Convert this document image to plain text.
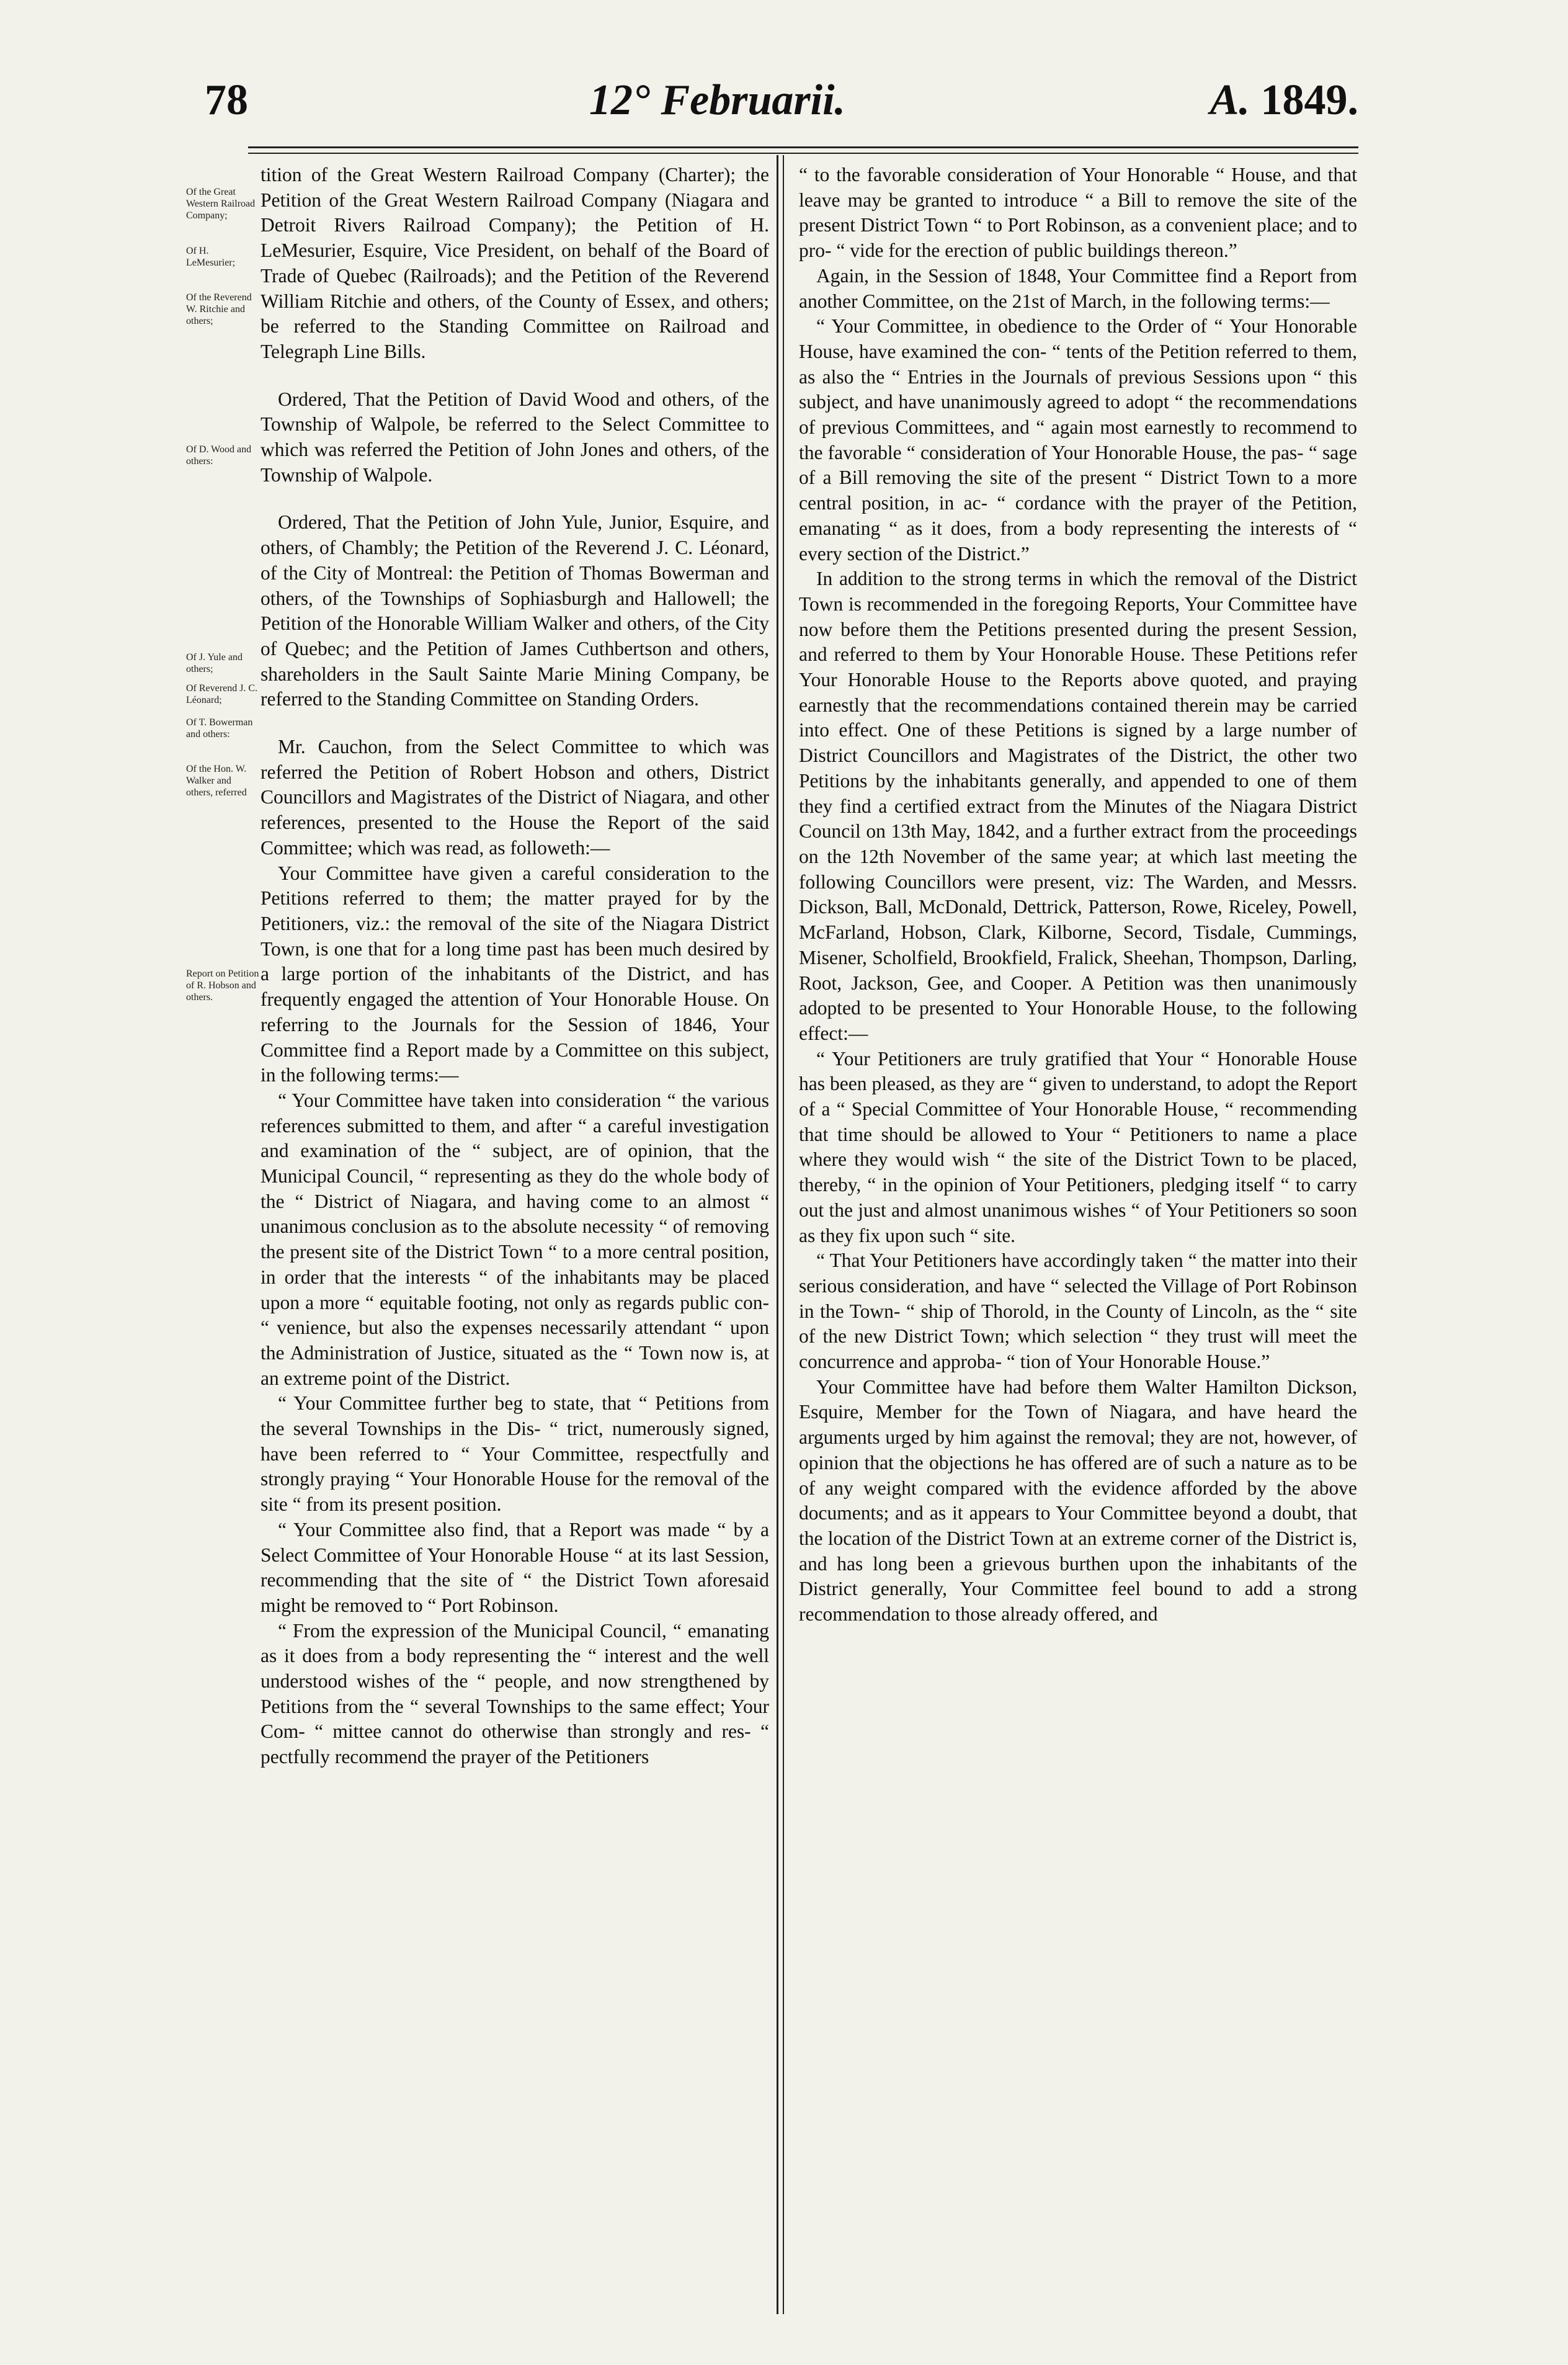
78	12° Februarii.	A. 1849.
Of the Great Western Railroad Company;
Of H. LeMesurier;
Of the Reverend W. Ritchie and others;
Of D. Wood and others:
Of J. Yule and others;
Of Reverend J. C. Léonard;
Of T. Bowerman and others:
Of the Hon. W. Walker and others, referred
Report on Petition of R. Hobson and others.

tition of the Great Western Railroad Company (Charter); the Petition of the Great Western Railroad Company (Niagara and Detroit Rivers Railroad Company); the Petition of H. LeMesurier, Esquire, Vice President, on behalf of the Board of Trade of Quebec (Railroads); and the Petition of the Reverend William Ritchie and others, of the County of Essex, and others; be referred to the Standing Committee on Railroad and Telegraph Line Bills.

Ordered, That the Petition of David Wood and others, of the Township of Walpole, be referred to the Select Committee to which was referred the Petition of John Jones and others, of the Township of Walpole.

Ordered, That the Petition of John Yule, Junior, Esquire, and others, of Chambly; the Petition of the Reverend J. C. Léonard, of the City of Montreal: the Petition of Thomas Bowerman and others, of the Townships of Sophiasburgh and Hallowell; the Petition of the Honorable William Walker and others, of the City of Quebec; and the Petition of James Cuthbertson and others, shareholders in the Sault Sainte Marie Mining Company, be referred to the Standing Committee on Standing Orders.

Mr. Cauchon, from the Select Committee to which was referred the Petition of Robert Hobson and others, District Councillors and Magistrates of the District of Niagara, and other references, presented to the House the Report of the said Committee; which was read, as followeth:—

Your Committee have given a careful consideration to the Petitions referred to them; the matter prayed for by the Petitioners, viz.: the removal of the site of the Niagara District Town, is one that for a long time past has been much desired by a large portion of the inhabitants of the District, and has frequently engaged the attention of Your Honorable House. On referring to the Journals for the Session of 1846, Your Committee find a Report made by a Committee on this subject, in the following terms:—

“ Your Committee have taken into consideration “ the various references submitted to them, and after “ a careful investigation and examination of the “ subject, are of opinion, that the Municipal Council, “ representing as they do the whole body of the “ District of Niagara, and having come to an almost “ unanimous conclusion as to the absolute necessity “ of removing the present site of the District Town “ to a more central position, in order that the interests “ of the inhabitants may be placed upon a more “ equitable footing, not only as regards public con- “ venience, but also the expenses necessarily attendant “ upon the Administration of Justice, situated as the “ Town now is, at an extreme point of the District.

“ Your Committee further beg to state, that “ Petitions from the several Townships in the Dis- “ trict, numerously signed, have been referred to “ Your Committee, respectfully and strongly praying “ Your Honorable House for the removal of the site “ from its present position.

“ Your Committee also find, that a Report was made “ by a Select Committee of Your Honorable House “ at its last Session, recommending that the site of “ the District Town aforesaid might be removed to “ Port Robinson.

“ From the expression of the Municipal Council, “ emanating as it does from a body representing the “ interest and the well understood wishes of the “ people, and now strengthened by Petitions from the “ several Townships to the same effect; Your Com- “ mittee cannot do otherwise than strongly and res- “ pectfully recommend the prayer of the Petitioners

“ to the favorable consideration of Your Honorable “ House, and that leave may be granted to introduce “ a Bill to remove the site of the present District Town “ to Port Robinson, as a convenient place; and to pro- “ vide for the erection of public buildings thereon.”

Again, in the Session of 1848, Your Committee find a Report from another Committee, on the 21st of March, in the following terms:—

“ Your Committee, in obedience to the Order of “ Your Honorable House, have examined the con- “ tents of the Petition referred to them, as also the “ Entries in the Journals of previous Sessions upon “ this subject, and have unanimously agreed to adopt “ the recommendations of previous Committees, and “ again most earnestly to recommend to the favorable “ consideration of Your Honorable House, the pas- “ sage of a Bill removing the site of the present “ District Town to a more central position, in ac- “ cordance with the prayer of the Petition, emanating “ as it does, from a body representing the interests of “ every section of the District.”

In addition to the strong terms in which the removal of the District Town is recommended in the foregoing Reports, Your Committee have now before them the Petitions presented during the present Session, and referred to them by Your Honorable House. These Petitions refer Your Honorable House to the Reports above quoted, and praying earnestly that the recommendations contained therein may be carried into effect. One of these Petitions is signed by a large number of District Councillors and Magistrates of the District, the other two Petitions by the inhabitants generally, and appended to one of them they find a certified extract from the Minutes of the Niagara District Council on 13th May, 1842, and a further extract from the proceedings on the 12th November of the same year; at which last meeting the following Councillors were present, viz: The Warden, and Messrs. Dickson, Ball, McDonald, Dettrick, Patterson, Rowe, Riceley, Powell, McFarland, Hobson, Clark, Kilborne, Secord, Tisdale, Cummings, Misener, Scholfield, Brookfield, Fralick, Sheehan, Thompson, Darling, Root, Jackson, Gee, and Cooper. A Petition was then unanimously adopted to be presented to Your Honorable House, to the following effect:—

“ Your Petitioners are truly gratified that Your “ Honorable House has been pleased, as they are “ given to understand, to adopt the Report of a “ Special Committee of Your Honorable House, “ recommending that time should be allowed to Your “ Petitioners to name a place where they would wish “ the site of the District Town to be placed, thereby, “ in the opinion of Your Petitioners, pledging itself “ to carry out the just and almost unanimous wishes “ of Your Petitioners so soon as they fix upon such “ site.

“ That Your Petitioners have accordingly taken “ the matter into their serious consideration, and have “ selected the Village of Port Robinson in the Town- “ ship of Thorold, in the County of Lincoln, as the “ site of the new District Town; which selection “ they trust will meet the concurrence and approba- “ tion of Your Honorable House.”

Your Committee have had before them Walter Hamilton Dickson, Esquire, Member for the Town of Niagara, and have heard the arguments urged by him against the removal; they are not, however, of opinion that the objections he has offered are of such a nature as to be of any weight compared with the evidence afforded by the above documents; and as it appears to Your Committee beyond a doubt, that the location of the District Town at an extreme corner of the District is, and has long been a grievous burthen upon the inhabitants of the District generally, Your Committee feel bound to add a strong recommendation to those already offered, and
